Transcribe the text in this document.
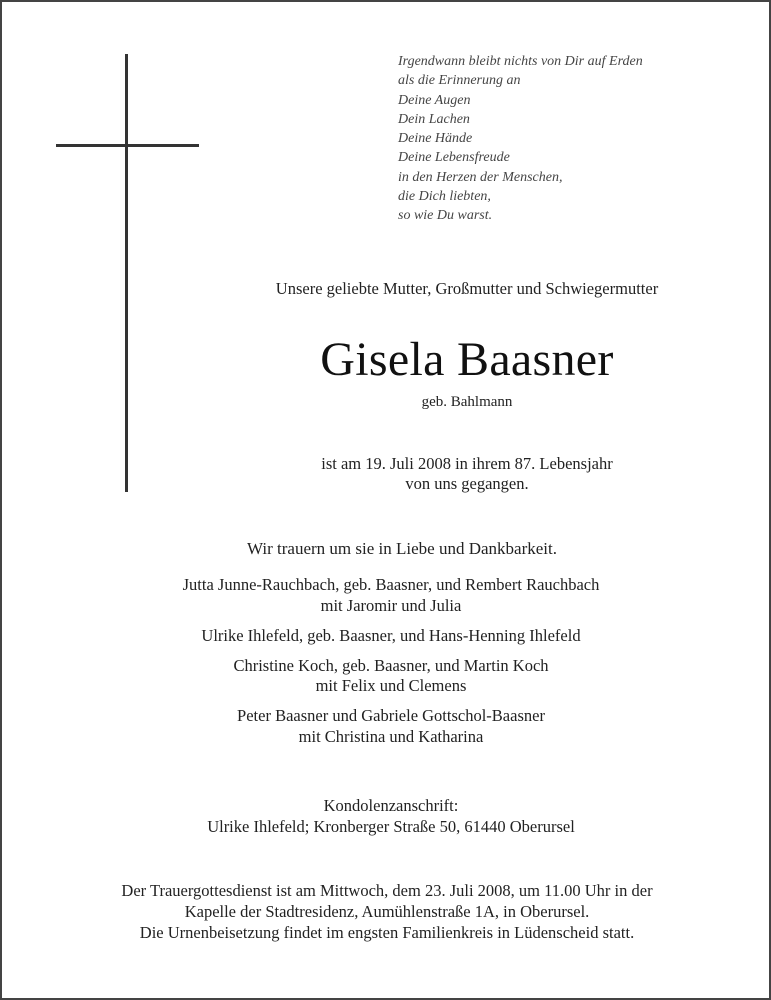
Irgendwann bleibt nichts von Dir auf Erden
als die Erinnerung an
Deine Augen
Dein Lachen
Deine Hände
Deine Lebensfreude
in den Herzen der Menschen,
die Dich liebten,
so wie Du warst.
Unsere geliebte Mutter, Großmutter und Schwiegermutter
Gisela Baasner
geb. Bahlmann
ist am 19. Juli 2008 in ihrem 87. Lebensjahr
von uns gegangen.
Wir trauern um sie in Liebe und Dankbarkeit.
Jutta Junne-Rauchbach, geb. Baasner, und Rembert Rauchbach
mit Jaromir und Julia
Ulrike Ihlefeld, geb. Baasner, und Hans-Henning Ihlefeld
Christine Koch, geb. Baasner, und Martin Koch
mit Felix und Clemens
Peter Baasner und Gabriele Gottschol-Baasner
mit Christina und Katharina
Kondolenzanschrift:
Ulrike Ihlefeld; Kronberger Straße 50, 61440 Oberursel
Der Trauergottesdienst ist am Mittwoch, dem 23. Juli 2008, um 11.00 Uhr in der
Kapelle der Stadtresidenz, Aumühlenstraße 1A, in Oberursel.
Die Urnenbeisetzung findet im engsten Familienkreis in Lüdenscheid statt.
